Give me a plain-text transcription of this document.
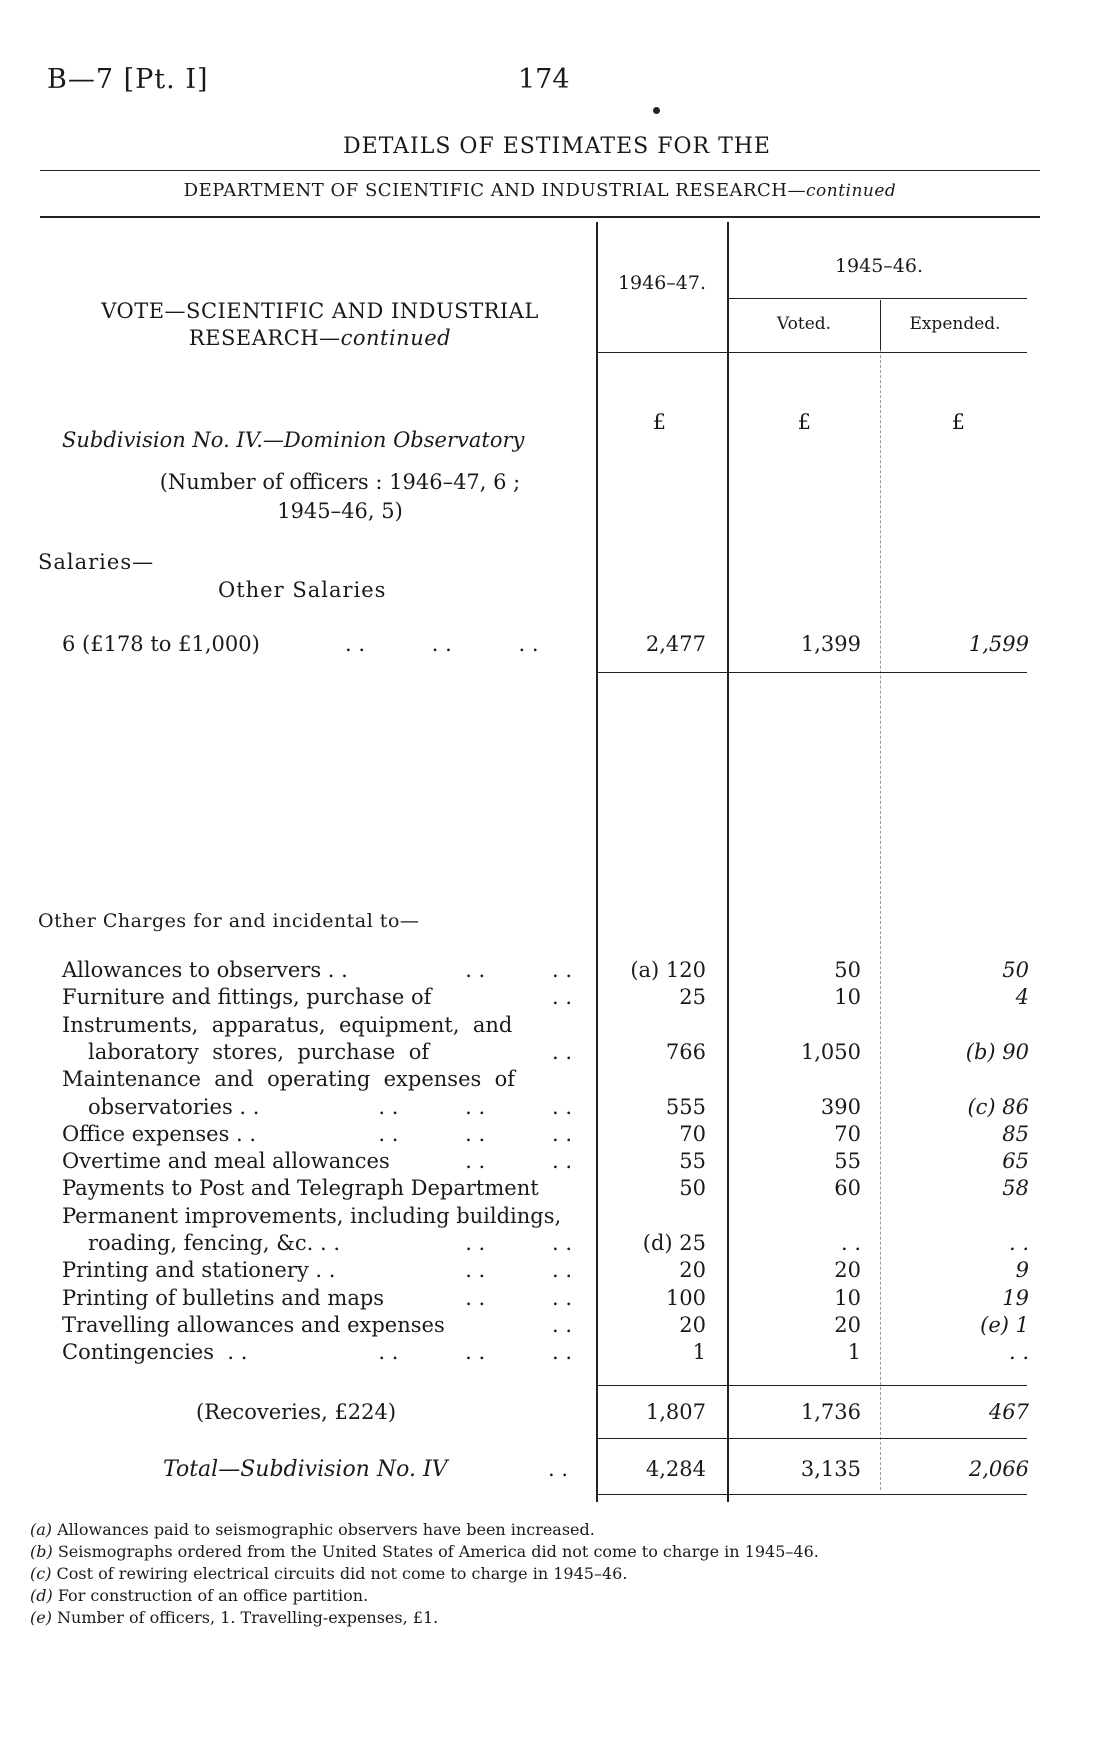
B—7 [Pt. I]	174
DETAILS OF ESTIMATES FOR THE
DEPARTMENT OF SCIENTIFIC AND INDUSTRIAL RESEARCH—continued
VOTE—SCIENTIFIC AND INDUSTRIAL
RESEARCH—continued
1946–47.
1945–46.
Voted.	Expended.
£	£	£
Subdivision No. IV.—Dominion Observatory
(Number of officers : 1946–47, 6 ;
1945–46, 5)
Salaries—
Other Salaries
6 (£178 to £1,000)	. .          . .          . .	2,477	1,399	1,599
Other Charges for and incidental to—
Allowances to observers . .	. .          . .	(a) 120	50	50
Furniture and fittings, purchase of	. .	25	10	4
Instruments,  apparatus,  equipment,  and
laboratory  stores,  purchase  of	. .	766	1,050	(b) 90
Maintenance  and  operating  expenses  of
observatories . .	. .          . .          . .	555	390	(c) 86
Office expenses . .	. .          . .          . .	70	70	85
Overtime and meal allowances	. .          . .	55	55	65
Payments to Post and Telegraph Department	50	60	58
Permanent improvements, including buildings,
roading, fencing, &c. . .	. .          . .	(d) 25	. .	. .
Printing and stationery . .	. .          . .	20	20	9
Printing of bulletins and maps	. .          . .	100	10	19
Travelling allowances and expenses	. .	20	20	(e) 1
Contingencies  . .	. .          . .          . .	1	1	. .
(Recoveries, £224)	1,807	1,736	467
Total—Subdivision No. IV	. .	4,284	3,135	2,066
(a) Allowances paid to seismographic observers have been increased.
(b) Seismographs ordered from the United States of America did not come to charge in 1945–46.
(c) Cost of rewiring electrical circuits did not come to charge in 1945–46.
(d) For construction of an office partition.
(e) Number of officers, 1. Travelling-expenses, £1.
